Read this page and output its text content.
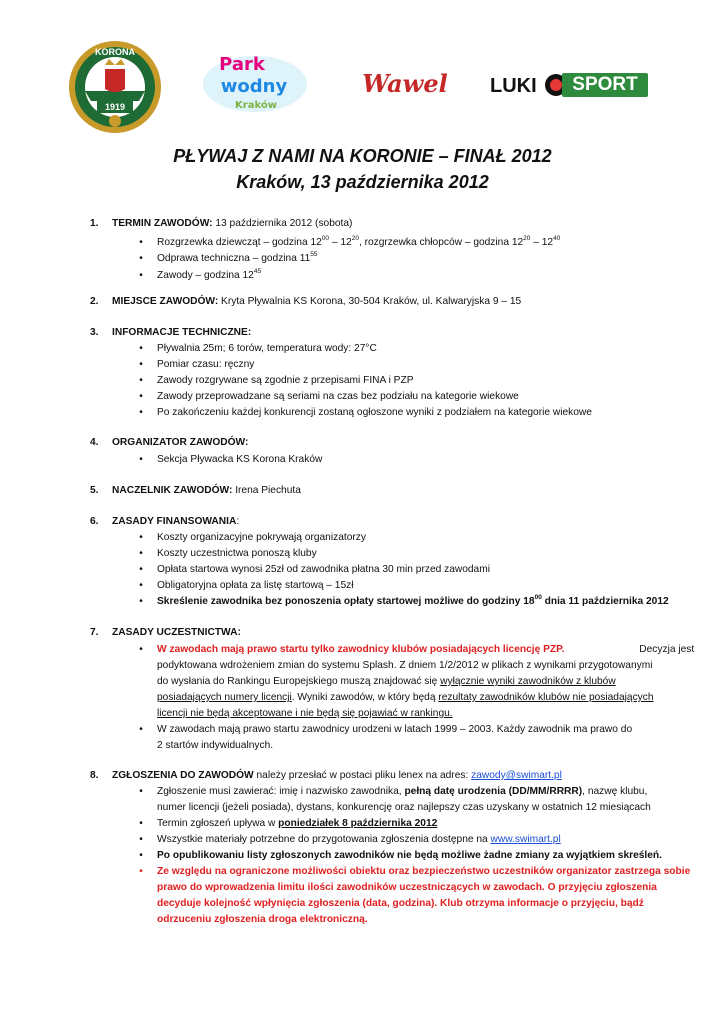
KORONA
1919
Park
wodny
Kraków
Wawel LUKI	SPORT
PŁYWAJ Z NAMI NA KORONIE – FINAŁ 2012
Kraków, 13 października 2012
1. TERMIN ZAWODÓW: 13 października 2012 (sobota)
• Rozgrzewka dziewcząt – godzina $12^{00} - 12^{20}$, rozgrzewka chłopców – godzina $12^{20} - 12^{40}$
• Odprawa techniczna – godzina $11^{55}$
• Zawody – godzina $12^{45}$
2. MIEJSCE ZAWODÓW: Kryta Pływalnia KS Korona, 30-504 Kraków, ul. Kalwaryjska 9 – 15
3. INFORMACJE TECHNICZNE:
• Pływalnia 25m; 6 torów, temperatura wody: 27°C
• Pomiar czasu: ręczny
• Zawody rozgrywane są zgodnie z przepisami FINA i PZP
• Zawody przeprowadzane są seriami na czas bez podziału na kategorie wiekowe
• Po zakończeniu każdej konkurencji zostaną ogłoszone wyniki z podziałem na kategorie wiekowe
4. ORGANIZATOR ZAWODÓW:
• Sekcja Pływacka KS Korona Kraków
5. NACZELNIK ZAWODÓW: Irena Piechuta
6. ZASADY FINANSOWANIA:
• Koszty organizacyjne pokrywają organizatorzy
• Koszty uczestnictwa ponoszą kluby
• Opłata startowa wynosi 25zł od zawodnika płatna 30 min przed zawodami
• Obligatoryjna opłata za listę startową – 15zł
• Skreślenie zawodnika bez ponoszenia opłaty startowej możliwe do godziny $18^{00}$ dnia 11 października 2012
7. ZASADY UCZESTNICTWA:
• W zawodach mają prawo startu tylko zawodnicy klubów posiadających licencję PZP.	Decyzja jest
podyktowana wdrożeniem zmian do systemu Splash. Z dniem 1/2/2012 w plikach z wynikami przygotowanymi
do wysłania do Rankingu Europejskiego muszą znajdować się wyłącznie wyniki zawodników z klubów
posiadających numery licencji. Wyniki zawodów, w który będą rezultaty zawodników klubów nie posiadających
licencji nie będą akceptowane i nie będą się pojawiać w rankingu.
• W zawodach mają prawo startu zawodnicy urodzeni w latach 1999 – 2003. Każdy zawodnik ma prawo do
2 startów indywidualnych.
8. ZGŁOSZENIA DO ZAWODÓW należy przesłać w postaci pliku lenex na adres: zawody@swimart.pl
• Zgłoszenie musi zawierać: imię i nazwisko zawodnika, pełną datę urodzenia (DD/MM/RRRR), nazwę klubu,
numer licencji (jeżeli posiada), dystans, konkurencję oraz najlepszy czas uzyskany w ostatnich 12 miesiącach
• Termin zgłoszeń upływa w poniedziałek 8 października 2012
• Wszystkie materiały potrzebne do przygotowania zgłoszenia dostępne na www.swimart.pl
• Po opublikowaniu listy zgłoszonych zawodników nie będą możliwe żadne zmiany za wyjątkiem skreśleń.
• Ze względu na ograniczone możliwości obiektu oraz bezpieczeństwo uczestników organizator zastrzega sobie
prawo do wprowadzenia limitu ilości zawodników uczestniczących w zawodach. O przyjęciu zgłoszenia
decyduje kolejność wpłynięcia zgłoszenia (data, godzina). Klub otrzyma informacje o przyjęciu, bądź
odrzuceniu zgłoszenia droga elektroniczną.
